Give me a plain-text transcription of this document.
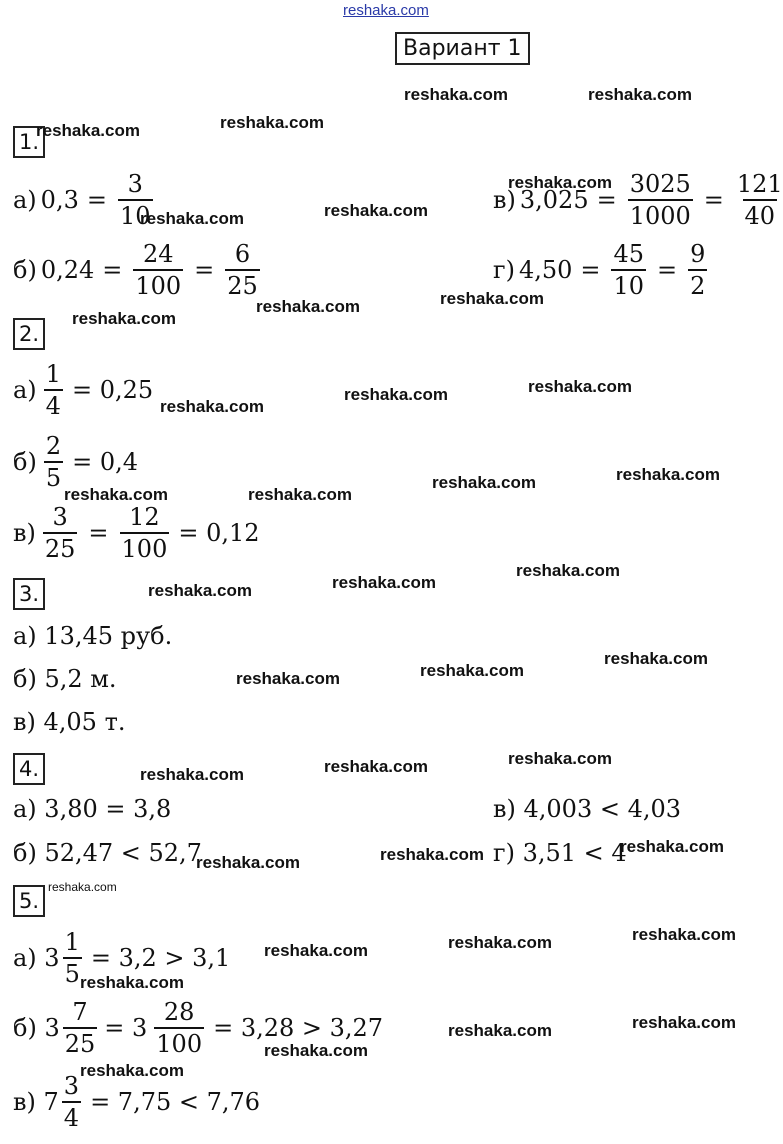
reshaka.com
Вариант 1
1.
2.
3.
4.
5.
а) $0,3 = \frac{3}{10}$
б) $0,24 = \frac{24}{100} = \frac{6}{25}$
в) $3,025 = \frac{3025}{1000} = \frac{121}{40}$
г) $4,50 = \frac{45}{10} = \frac{9}{2}$
$а) \frac{1}{4} = 0,25$
$б) \frac{2}{5} = 0,4$
$в) \frac{3}{25} = \frac{12}{100} = 0,12$
а) 13,45 руб.
б) 5,2 м.
в) 4,05 т.
а) 3,80 = 3,8
б) 52,47 < 52,7
в) 4,003 < 4,03
г) 3,51 < 4
а) $3 \frac{1}{5} = 3,2 > 3,1$
б) $3 \frac{7}{25} = 3 \frac{28}{100} = 3,28 > 3,27$
в) $7 \frac{3}{4} = 7,75 < 7,76$
reshaka.com	reshaka.com
reshaka.com
reshaka.com
reshaka.com
reshaka.com
reshaka.com
reshaka.com
reshaka.com
reshaka.com
reshaka.com
reshaka.com
reshaka.com
reshaka.com
reshaka.com
reshaka.com
reshaka.com
reshaka.com
reshaka.com
reshaka.com
reshaka.com
reshaka.com
reshaka.com
reshaka.com
reshaka.com
reshaka.com
reshaka.com
reshaka.com
reshaka.com
reshaka.com
reshaka.com
reshaka.com
reshaka.com
reshaka.com
reshaka.com
reshaka.com
reshaka.com
reshaka.com
